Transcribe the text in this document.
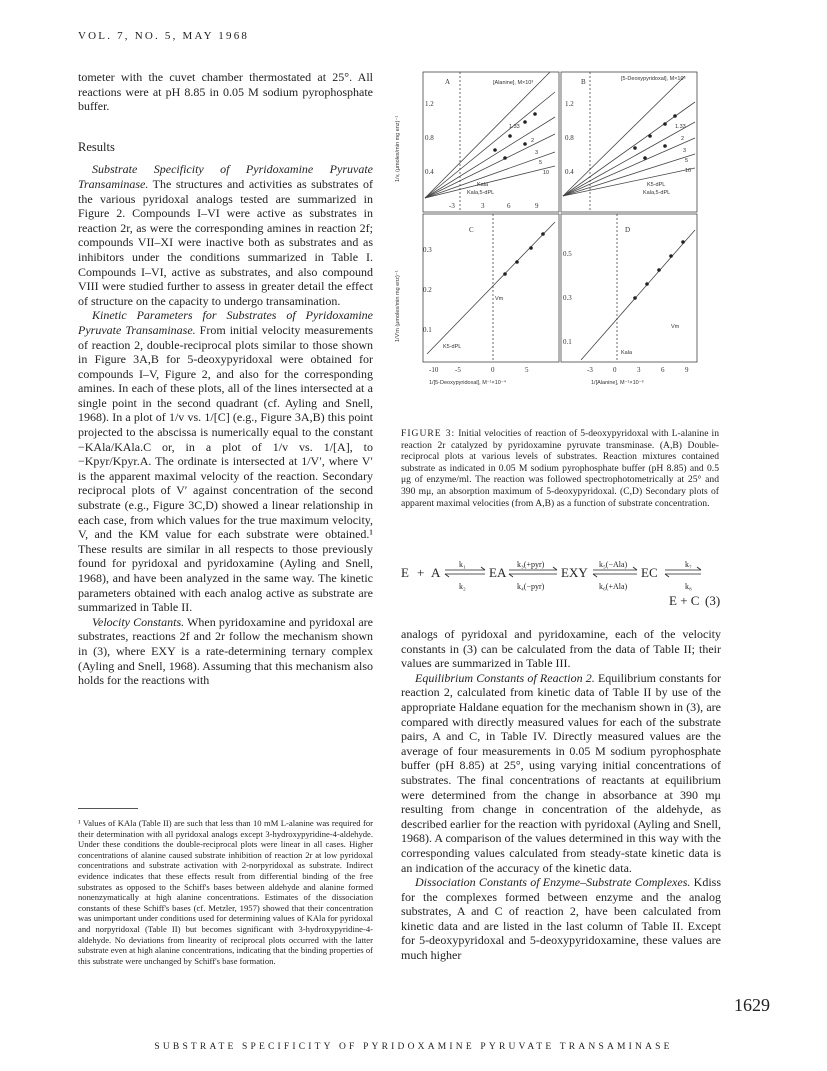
VOL. 7, NO. 5, MAY 1968

tometer with the cuvet chamber thermostated at 25°. All reactions were at pH 8.85 in 0.05 M sodium pyrophosphate buffer.

Results

Substrate Specificity of Pyridoxamine Pyruvate Transaminase. The structures and activities as substrates of the various pyridoxal analogs tested are summarized in Figure 2. Compounds I–VI were active as substrates in reaction 2r, as were the corresponding amines in reaction 2f; compounds VII–XI were inactive both as substrates and as inhibitors under the conditions summarized in Table I. Compounds I–VI, active as substrates, and also compound VIII were studied further to assess in greater detail the effect of structure on the capacity to undergo transamination.

Kinetic Parameters for Substrates of Pyridoxamine Pyruvate Transaminase. From initial velocity measurements of reaction 2, double-reciprocal plots similar to those shown in Figure 3A,B for 5-deoxypyridoxal were obtained for compounds I–V, Figure 2, and also for the corresponding amines. In each of these plots, all of the lines intersected at a single point in the second quadrant (cf. Ayling and Snell, 1968). In a plot of 1/v vs. 1/[C] (e.g., Figure 3A,B) this point projected to the abscissa is numerically equal to the constant −KAla/KAla.C or, in a plot of 1/v vs. 1/[A], to −Kpyr/Kpyr.A. The ordinate is intersected at 1/V′, where V′ is the apparent maximal velocity of the reaction. Secondary reciprocal plots of V′ against concentration of the second substrate (e.g., Figure 3C,D) showed a linear relationship in each case, from which values for the true maximum velocity, V, and the KM value for each substrate were obtained.¹ These results are similar in all respects to those previously found for pyridoxal and pyridoxamine (Ayling and Snell, 1968), and have been analyzed in the same way. The kinetic parameters obtained with each analog active as substrate are summarized in Table II.

Velocity Constants. When pyridoxamine and pyridoxal are substrates, reactions 2f and 2r follow the mechanism shown in (3), where EXY is a rate-determining ternary complex (Ayling and Snell, 1968). Assuming that this mechanism also holds for the reactions with

¹ Values of KAla (Table II) are such that less than 10 mM L-alanine was required for their determination with all pyridoxal analogs except 3-hydroxypyridine-4-aldehyde. Under these conditions the double-reciprocal plots were linear in all cases. Higher concentrations of alanine caused substrate inhibition of reaction 2r at low pyridoxal concentrations and substrate activation with 2-norpyridoxal as substrate. Indirect evidence indicates that these effects result from differential binding of the free substrates as opposed to the Schiff's bases between aldehyde and alanine formed nonenzymatically at high alanine concentrations. Estimates of the dissociation constants of these Schiff's bases (cf. Metzler, 1957) showed that their concentration was unimportant under conditions used for determining values of KAla for pyridoxal and norpyridoxal (Table II) but becomes significant with 3-hydroxypyridine-4-aldehyde. No deviations from linearity of reciprocal plots occurred with the latter substrate even at high alanine concentrations, indicating that the binding properties of this substrate were unchanged by Schiff's base formation.

A	[Alanine], M×10³
1.2
0.8
0.4
-3	3	6	9
1.33
2
3
5
10
Kala
Kala,5-dPL
B	[5-Deoxypyridoxal], M×10⁵
1.2
0.8
0.4
1.33
2
3
5
10
K5-dPL
Kala,5-dPL
C
0.3
0.2
0.1
-10 -5	0	5
Vm
K5-dPL
1/[5-Deoxypyridoxal], M⁻¹×10⁻⁴
D
0.5
0.3
0.1
-3	0	3	6	9
Vm
Kala
1/[Alanine], M⁻¹×10⁻³
1/v, (μmoles/min mg enz)⁻¹
1/V′m (μmoles/min mg enz)⁻¹

FIGURE 3: Initial velocities of reaction of 5-deoxypyridoxal with L-alanine in reaction 2r catalyzed by pyridoxamine pyruvate transminase. (A,B) Double-reciprocal plots at various levels of substrates. Reaction mixtures contained substrate as indicated in 0.05 M sodium pyrophosphate buffer (pH 8.85) and 0.5 μg of enzyme/ml. The reaction was followed spectrophotometrically at 25° and 390 mμ, an absorption maximum of 5-deoxypyridoxal. (C,D) Secondary plots of apparent maximal velocities (from A,B) as a function of substrate concentration.

E + A	EA	EXY	EC
E + C (3)
k₁
k₂
k₃(+pyr)
k₄(−pyr)
k₅(−Ala)
k₆(+Ala)
k₇
k₈

analogs of pyridoxal and pyridoxamine, each of the velocity constants in (3) can be calculated from the data of Table II; their values are summarized in Table III.

Equilibrium Constants of Reaction 2. Equilibrium constants for reaction 2, calculated from kinetic data of Table II by use of the appropriate Haldane equation for the mechanism shown in (3), are compared with directly measured values for each of the substrate pairs, A and C, in Table IV. Directly measured values are the average of four measurements in 0.05 M sodium pyrophosphate buffer (pH 8.85) at 25°, using varying initial concentrations of substrates. The final concentrations of reactants at equilibrium were determined from the change in absorbance at 390 mμ resulting from change in concentration of the aldehyde, as described earlier for the reaction with pyridoxal (Ayling and Snell, 1968). A comparison of the values determined in this way with the corresponding values calculated from steady-state kinetic data is an indication of the accuracy of the kinetic data.

Dissociation Constants of Enzyme–Substrate Complexes. Kdiss for the complexes formed between enzyme and the analog substrates, A and C of reaction 2, have been calculated from kinetic data and are listed in the last column of Table II. Except for 5-deoxypyridoxal and 5-deoxypyridoxamine, these values are much higher

1629
SUBSTRATE SPECIFICITY OF PYRIDOXAMINE PYRUVATE TRANSAMINASE
